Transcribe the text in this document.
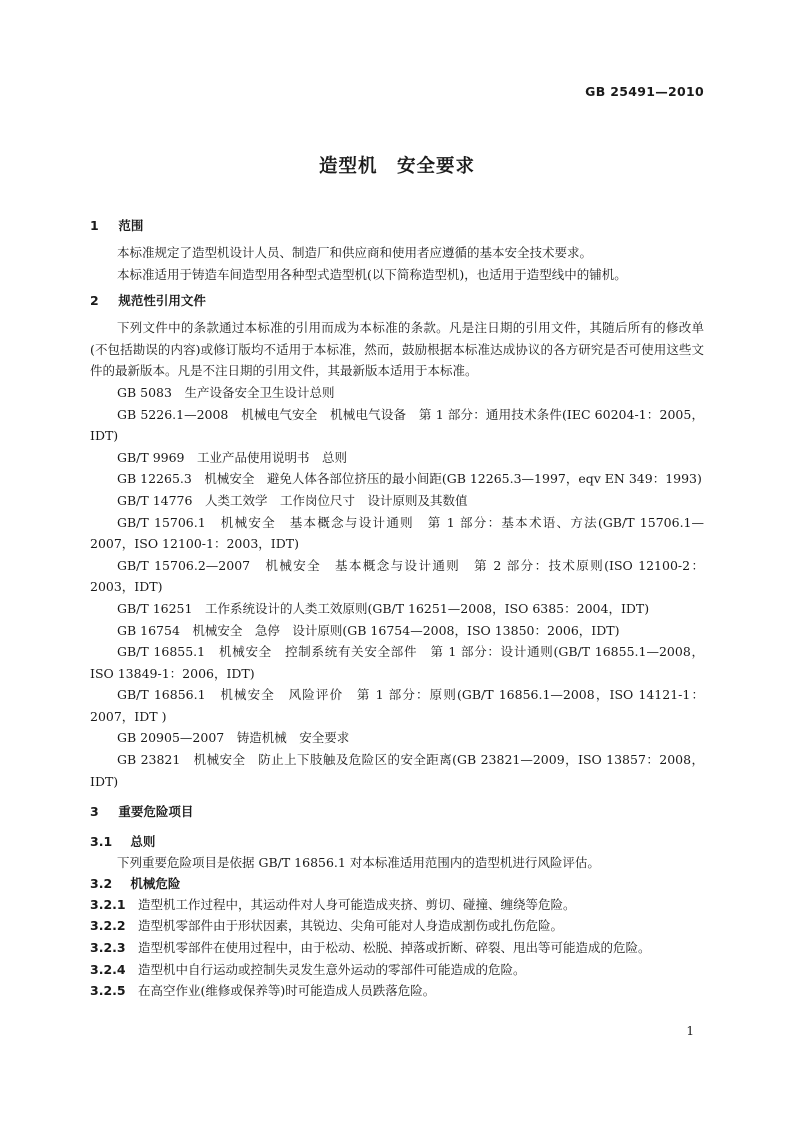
GB 25491—2010
造型机　安全要求
1 范围
本标准规定了造型机设计人员、制造厂和供应商和使用者应遵循的基本安全技术要求。
本标准适用于铸造车间造型用各种型式造型机(以下简称造型机)，也适用于造型线中的铺机。
2 规范性引用文件
下列文件中的条款通过本标准的引用而成为本标准的条款。凡是注日期的引用文件，其随后所有的修改单(不包括勘误的内容)或修订版均不适用于本标准，然而，鼓励根据本标准达成协议的各方研究是否可使用这些文件的最新版本。凡是不注日期的引用文件，其最新版本适用于本标准。
GB 5083　生产设备安全卫生设计总则
GB 5226.1—2008　机械电气安全　机械电气设备　第 1 部分：通用技术条件(IEC 60204-1：2005，IDT)
GB/T 9969　工业产品使用说明书　总则
GB 12265.3　机械安全　避免人体各部位挤压的最小间距(GB 12265.3—1997，eqv EN 349：1993)
GB/T 14776　人类工效学　工作岗位尺寸　设计原则及其数值
GB/T 15706.1　机械安全　基本概念与设计通则　第 1 部分：基本术语、方法(GB/T 15706.1—2007，ISO 12100-1：2003，IDT)
GB/T 15706.2—2007　机械安全　基本概念与设计通则　第 2 部分：技术原则(ISO 12100-2：2003，IDT)
GB/T 16251　工作系统设计的人类工效原则(GB/T 16251—2008，ISO 6385：2004，IDT)
GB 16754　机械安全　急停　设计原则(GB 16754—2008，ISO 13850：2006，IDT)
GB/T 16855.1　机械安全　控制系统有关安全部件　第 1 部分：设计通则(GB/T 16855.1—2008，ISO 13849-1：2006，IDT)
GB/T 16856.1　机械安全　风险评价　第 1 部分：原则(GB/T 16856.1—2008，ISO 14121-1：2007，IDT )
GB 20905—2007　铸造机械　安全要求
GB 23821　机械安全　防止上下肢触及危险区的安全距离(GB 23821—2009，ISO 13857：2008，IDT)
3 重要危险项目
3.1 总则
下列重要危险项目是依据 GB/T 16856.1 对本标准适用范围内的造型机进行风险评估。
3.2 机械危险
3.2.1 造型机工作过程中，其运动件对人身可能造成夹挤、剪切、碰撞、缠绕等危险。
3.2.2 造型机零部件由于形状因素，其锐边、尖角可能对人身造成割伤或扎伤危险。
3.2.3 造型机零部件在使用过程中，由于松动、松脱、掉落或折断、碎裂、甩出等可能造成的危险。
3.2.4 造型机中自行运动或控制失灵发生意外运动的零部件可能造成的危险。
3.2.5 在高空作业(维修或保养等)时可能造成人员跌落危险。
1
